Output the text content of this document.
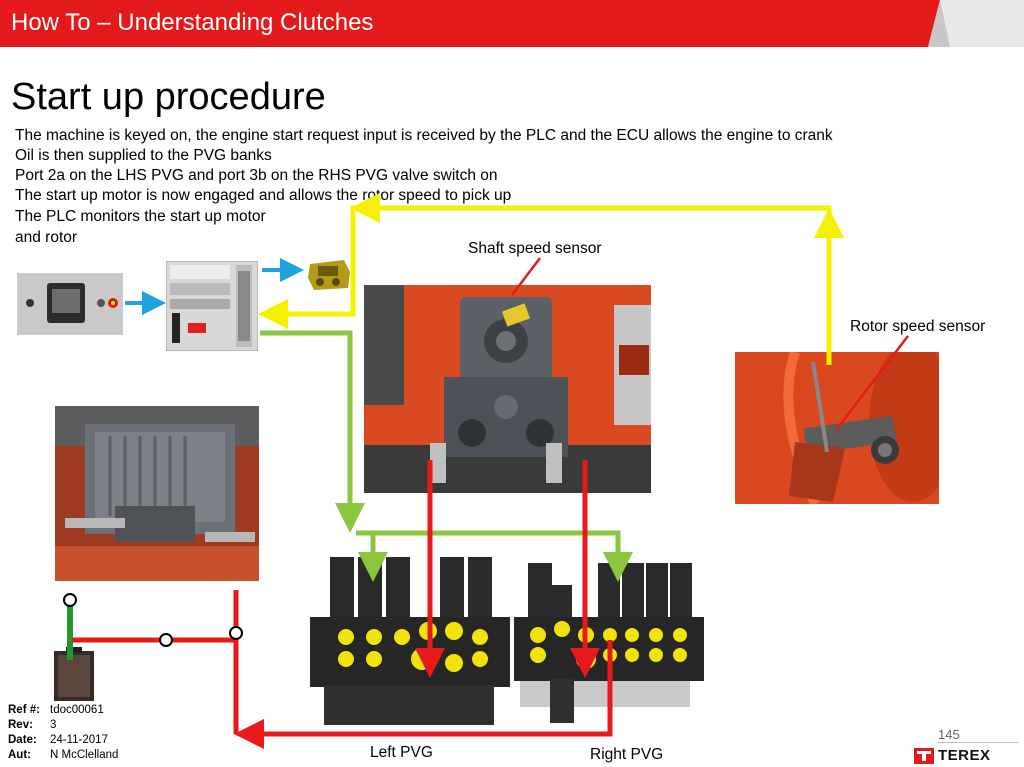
How To – Understanding Clutches
Start up procedure
The machine is keyed on, the engine start request input is received by the PLC and the ECU allows the engine to crank
Oil is then supplied to the PVG banks
Port 2a on the LHS PVG and port 3b on the RHS PVG valve switch on
The start up motor is now engaged and allows the rotor speed to pick up
The PLC monitors the start up motor
and rotor
Shaft speed sensor
Rotor speed sensor
Left PVG	Right PVG
Ref #: tdoc00061
Rev: 3
Date: 24-11-2017
Aut: N McClelland
145
TEREX
